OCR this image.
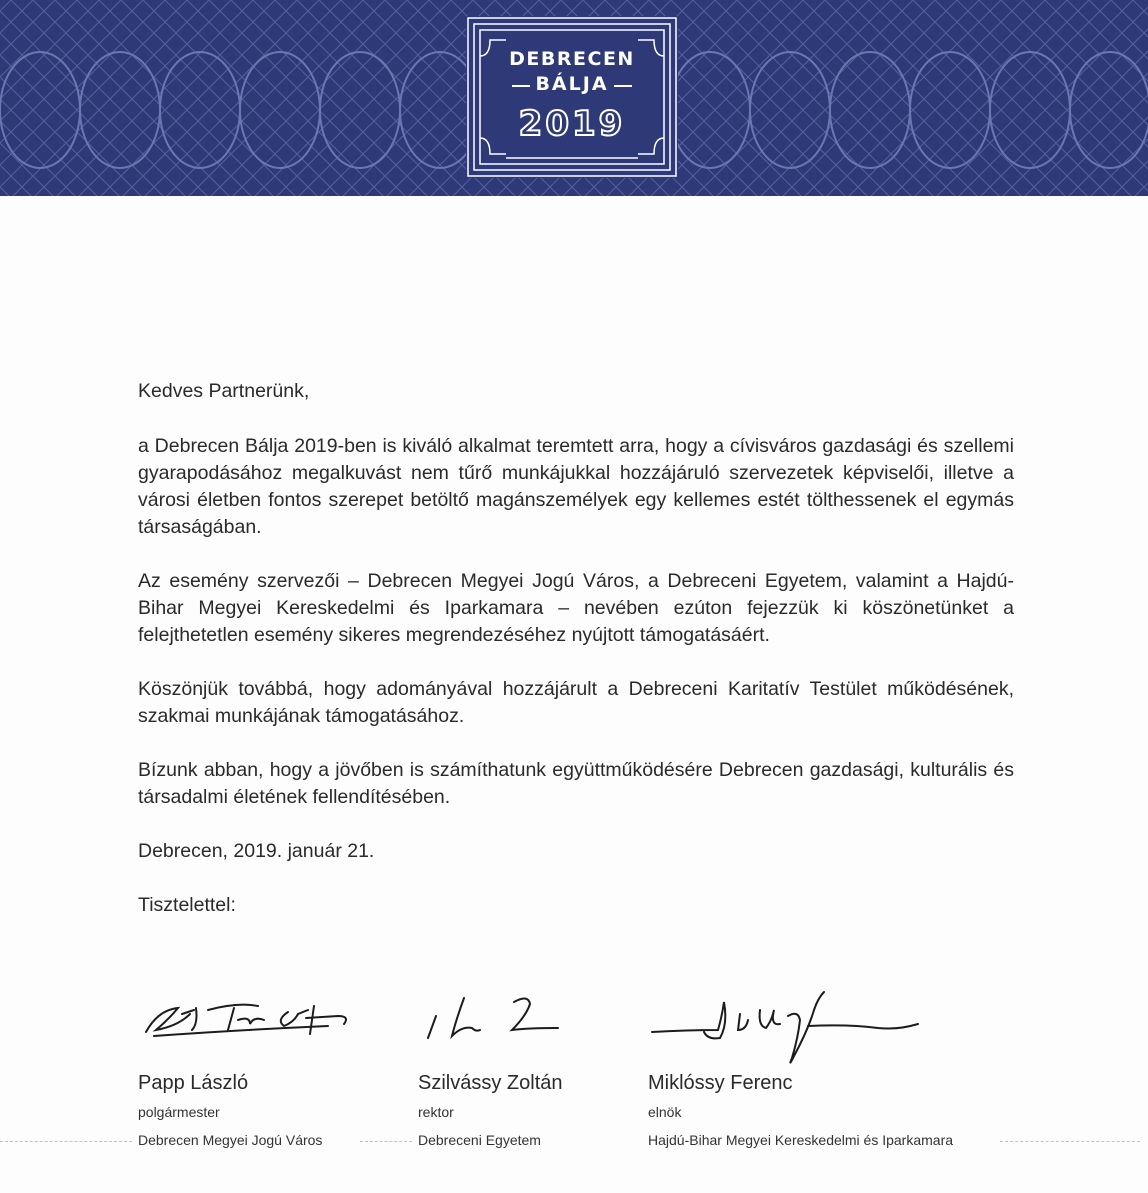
DEBRECEN
BÁLJA
2019
Kedves Partnerünk,

a Debrecen Bálja 2019-ben is kiváló alkalmat teremtett arra, hogy a cívisváros gazdasági és szellemi gyarapodásához megalkuvást nem tűrő munkájukkal hozzájáruló szervezetek képviselői, illetve a városi életben fontos szerepet betöltő magánszemélyek egy kellemes estét tölthessenek el egymás társaságában.

Az esemény szervezői – Debrecen Megyei Jogú Város, a Debreceni Egyetem, valamint a Hajdú-Bihar Megyei Kereskedelmi és Iparkamara – nevében ezúton fejezzük ki köszönetünket a felejthetetlen esemény sikeres megrendezéséhez nyújtott támogatásáért.

Köszönjük továbbá, hogy adományával hozzájárult a Debreceni Karitatív Testület működésének, szakmai munkájának támogatásához.

Bízunk abban, hogy a jövőben is számíthatunk együttműködésére Debrecen gazdasági, kulturális és társadalmi életének fellendítésében.

Debrecen, 2019. január 21.

Tisztelettel:

Papp László
polgármester
Debrecen Megyei Jogú Város
Szilvássy Zoltán
rektor
Debreceni Egyetem
Miklóssy Ferenc
elnök
Hajdú-Bihar Megyei Kereskedelmi és Iparkamara
